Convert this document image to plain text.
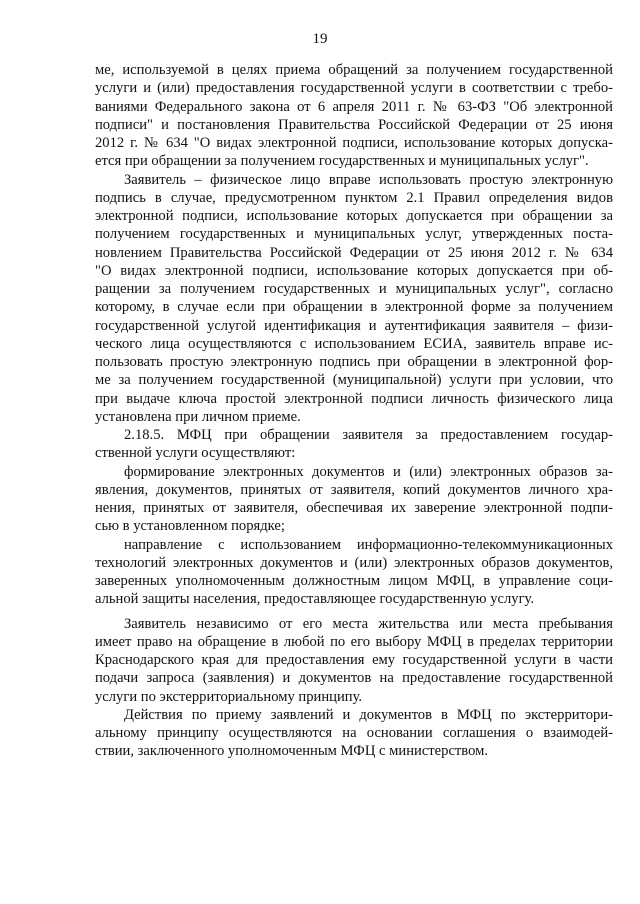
19
ме, используемой в целях приема обращений за получением государственной
услуги и (или) предоставления государственной услуги в соответствии с требо-
ваниями Федерального закона от 6 апреля 2011 г. № 63-ФЗ "Об электронной
подписи" и постановления Правительства Российской Федерации от 25 июня
2012 г. № 634 "О видах электронной подписи, использование которых допуска-
ется при обращении за получением государственных и муниципальных услуг".
Заявитель – физическое лицо вправе использовать простую электронную
подпись в случае, предусмотренном пунктом 2.1 Правил определения видов
электронной подписи, использование которых допускается при обращении за
получением государственных и муниципальных услуг, утвержденных поста-
новлением Правительства Российской Федерации от 25 июня 2012 г. № 634
"О видах электронной подписи, использование которых допускается при об-
ращении за получением государственных и муниципальных услуг", согласно
которому, в случае если при обращении в электронной форме за получением
государственной услугой идентификация и аутентификация заявителя – физи-
ческого лица осуществляются с использованием ЕСИА, заявитель вправе ис-
пользовать простую электронную подпись при обращении в электронной фор-
ме за получением государственной (муниципальной) услуги при условии, что
при выдаче ключа простой электронной подписи личность физического лица
установлена при личном приеме.
2.18.5. МФЦ при обращении заявителя за предоставлением государ-
ственной услуги осуществляют:
формирование электронных документов и (или) электронных образов за-
явления, документов, принятых от заявителя, копий документов личного хра-
нения, принятых от заявителя, обеспечивая их заверение электронной подпи-
сью в установленном порядке;
направление с использованием информационно-телекоммуникационных
технологий электронных документов и (или) электронных образов документов,
заверенных уполномоченным должностным лицом МФЦ, в управление соци-
альной защиты населения, предоставляющее государственную услугу.
Заявитель независимо от его места жительства или места пребывания
имеет право на обращение в любой по его выбору МФЦ в пределах территории
Краснодарского края для предоставления ему государственной услуги в части
подачи запроса (заявления) и документов на предоставление государственной
услуги по экстерриториальному принципу.
Действия по приему заявлений и документов в МФЦ по экстерритори-
альному принципу осуществляются на основании соглашения о взаимодей-
ствии, заключенного уполномоченным МФЦ с министерством.
